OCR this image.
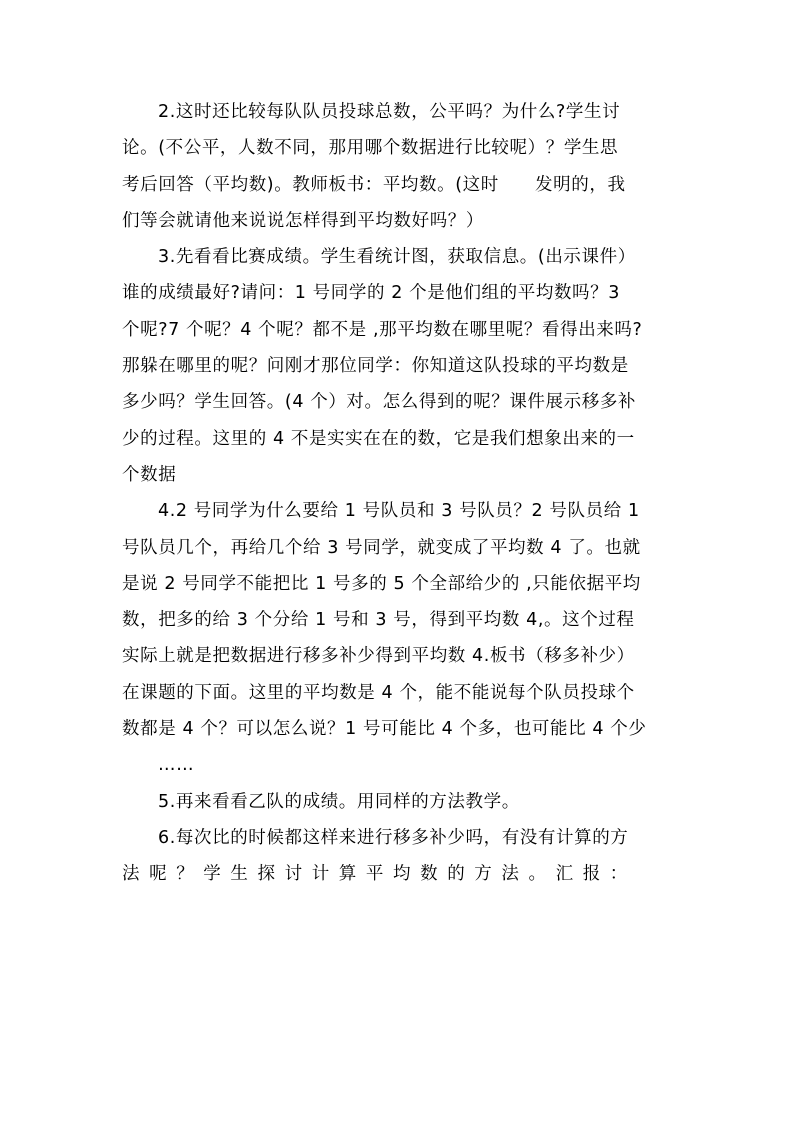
2.这时还比较每队队员投球总数，公平吗？为什么?学生讨
论。(不公平，人数不同，那用哪个数据进行比较呢）？学生思
考后回答（平均数)。教师板书：平均数。(这时　　发明的，我
们等会就请他来说说怎样得到平均数好吗？）
3.先看看比赛成绩。学生看统计图，获取信息。(出示课件）
谁的成绩最好?请问：1 号同学的 2 个是他们组的平均数吗？3
个呢?7 个呢？4 个呢？都不是 ,那平均数在哪里呢？看得出来吗?
那躲在哪里的呢？问刚才那位同学：你知道这队投球的平均数是
多少吗？学生回答。(4 个）对。怎么得到的呢？课件展示移多补
少的过程。这里的 4 不是实实在在的数，它是我们想象出来的一
个数据
4.2 号同学为什么要给 1 号队员和 3 号队员？2 号队员给 1
号队员几个，再给几个给 3 号同学，就变成了平均数 4 了。也就
是说 2 号同学不能把比 1 号多的 5 个全部给少的 ,只能依据平均
数，把多的给 3 个分给 1 号和 3 号，得到平均数 4,。这个过程
实际上就是把数据进行移多补少得到平均数 4.板书（移多补少）
在课题的下面。这里的平均数是 4 个，能不能说每个队员投球个
数都是 4 个？可以怎么说？1 号可能比 4 个多，也可能比 4 个少
……
5.再来看看乙队的成绩。用同样的方法教学。
6.每次比的时候都这样来进行移多补少吗，有没有计算的方
法呢？学生探讨计算平均数的方法。汇报：
